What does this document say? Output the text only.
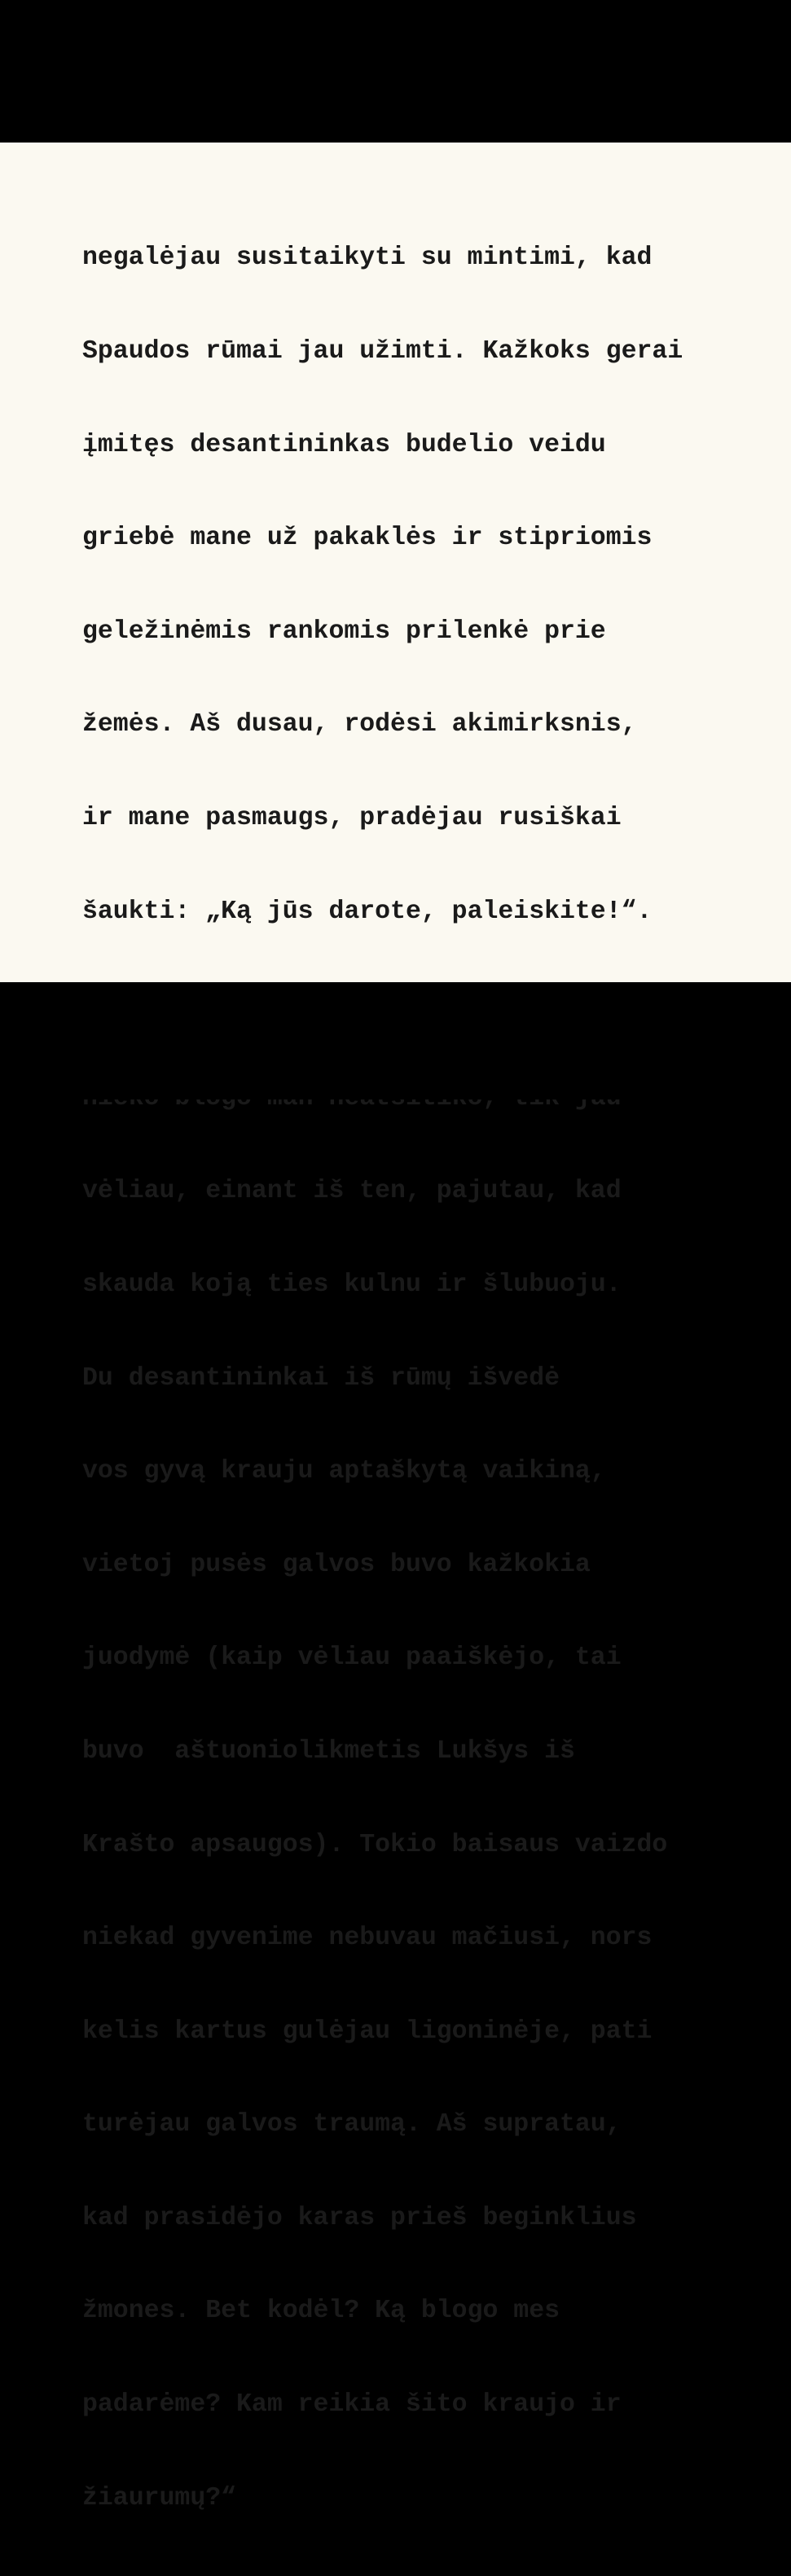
negalėjau susitaikyti su mintimi, kad

Spaudos rūmai jau užimti. Kažkoks gerai

įmitęs desantininkas budelio veidu

griebė mane už pakaklės ir stipriomis

geležinėmis rankomis prilenkė prie

žemės. Aš dusau, rodėsi akimirksnis,

ir mane pasmaugs, pradėjau rusiškai

šaukti: „Ką jūs darote, paleiskite!“.

vėliau, einant iš ten, pajutau, kad

skauda koją ties kulnu ir šlubuoju.

Du desantininkai iš rūmų išvedė

vos gyvą krauju aptaškytą vaikiną,

vietoj pusės galvos buvo kažkokia

juodymė (kaip vėliau paaiškėjo, tai

buvo  aštuoniolikmetis Lukšys iš

Krašto apsaugos). Tokio baisaus vaizdo

niekad gyvenime nebuvau mačiusi, nors

kelis kartus gulėjau ligoninėje, pati

turėjau galvos traumą. Aš supratau,

kad prasidėjo karas prieš beginklius

žmones. Bet kodėl? Ką blogo mes

padarėme? Kam reikia šito kraujo ir

žiaurumų?“
